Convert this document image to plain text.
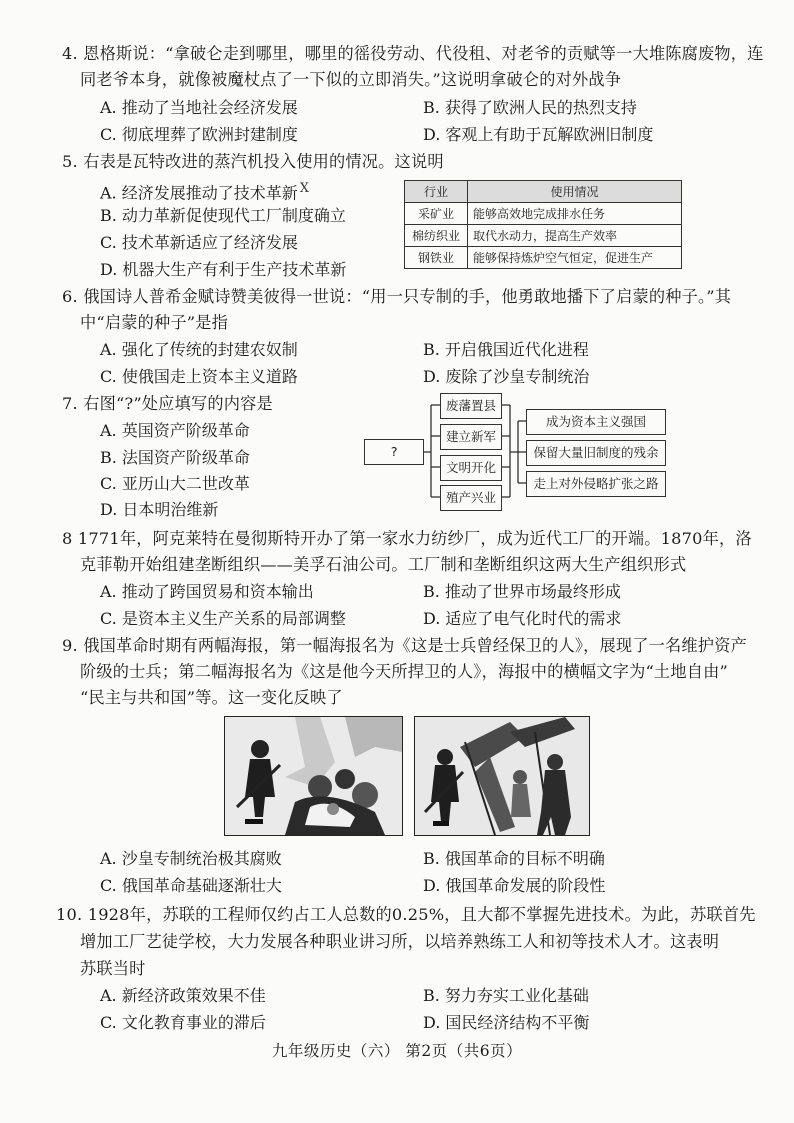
4. 恩格斯说：“拿破仑走到哪里，哪里的徭役劳动、代役租、对老爷的贡赋等一大堆陈腐废物，连
同老爷本身，就像被魔杖点了一下似的立即消失。”这说明拿破仑的对外战争
A. 推动了当地社会经济发展	B. 获得了欧洲人民的热烈支持
C. 彻底埋葬了欧洲封建制度	D. 客观上有助于瓦解欧洲旧制度
5. 右表是瓦特改进的蒸汽机投入使用的情况。这说明
A. 经济发展推动了技术革新 $^X$
B. 动力革新促使现代工厂制度确立
C. 技术革新适应了经济发展
D. 机器大生产有利于生产技术革新
行业	使用情况
采矿业	能够高效地完成排水任务
棉纺织业	取代水动力，提高生产效率
钢铁业	能够保持炼炉空气恒定，促进生产
6. 俄国诗人普希金赋诗赞美彼得一世说：“用一只专制的手，他勇敢地播下了启蒙的种子。”其
中“启蒙的种子”是指
A. 强化了传统的封建农奴制	B. 开启俄国近代化进程
C. 使俄国走上资本主义道路	D. 废除了沙皇专制统治
7. 右图“?”处应填写的内容是
A. 英国资产阶级革命
B. 法国资产阶级革命
C. 亚历山大二世改革
D. 日本明治维新
?
废藩置县
建立新军
文明开化
殖产兴业
成为资本主义强国
保留大量旧制度的残余
走上对外侵略扩张之路
8 1771年，阿克莱特在曼彻斯特开办了第一家水力纺纱厂，成为近代工厂的开端。1870年，洛
克菲勒开始组建垄断组织——美孚石油公司。工厂制和垄断组织这两大生产组织形式
A. 推动了跨国贸易和资本输出	B. 推动了世界市场最终形成
C. 是资本主义生产关系的局部调整	D. 适应了电气化时代的需求
9. 俄国革命时期有两幅海报，第一幅海报名为《这是士兵曾经保卫的人》，展现了一名维护资产
阶级的士兵；第二幅海报名为《这是他今天所捍卫的人》，海报中的横幅文字为“土地自由”
“民主与共和国”等。这一变化反映了
A. 沙皇专制统治极其腐败	B. 俄国革命的目标不明确
C. 俄国革命基础逐渐壮大	D. 俄国革命发展的阶段性
10. 1928年，苏联的工程师仅约占工人总数的0.25%，且大都不掌握先进技术。为此，苏联首先
增加工厂艺徒学校，大力发展各种职业讲习所，以培养熟练工人和初等技术人才。这表明
苏联当时
A. 新经济政策效果不佳	B. 努力夯实工业化基础
C. 文化教育事业的滞后	D. 国民经济结构不平衡
九年级历史（六） 第2页（共6页）
